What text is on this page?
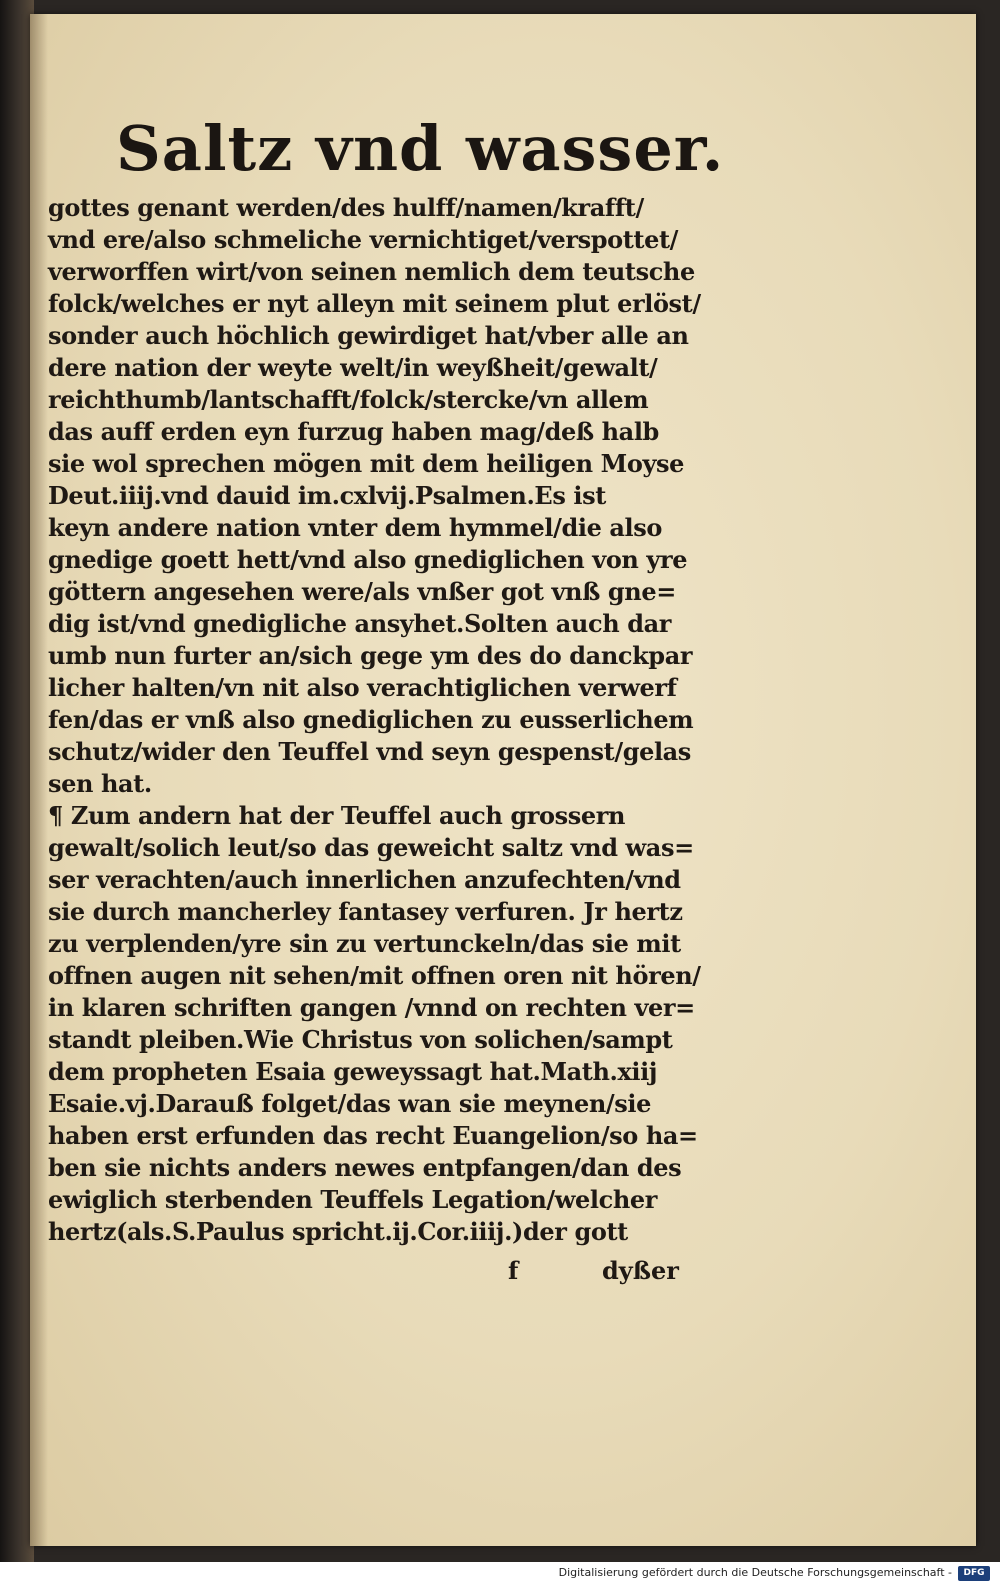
Saltz vnd wasser.
gottes genant werden/des hulff/namen/krafft/
vnd ere/also schmeliche vernichtiget/verspottet/
verworffen wirt/von seinen nemlich dem teutsche
folck/welches er nyt alleyn mit seinem plut erlöst/
sonder auch höchlich gewirdiget hat/vber alle an
dere nation der weyte welt/in weyßheit/gewalt/
reichthumb/lantschafft/folck/stercke/vn allem
das auff erden eyn furzug haben mag/deß halb
sie wol sprechen mögen mit dem heiligen Moyse
Deut.iiij.vnd dauid im.cxlvij.Psalmen.Es ist
keyn andere nation vnter dem hymmel/die also
gnedige goett hett/vnd also gnediglichen von yre
göttern angesehen were/als vnßer got vnß gne=
dig ist/vnd gnedigliche ansyhet.Solten auch dar
umb nun furter an/sich gege ym des do danckpar
licher halten/vn nit also verachtiglichen verwerf
fen/das er vnß also gnediglichen zu eusserlichem
schutz/wider den Teuffel vnd seyn gespenst/gelas
sen hat.
¶ Zum andern hat der Teuffel auch grossern
gewalt/solich leut/so das geweicht saltz vnd was=
ser verachten/auch innerlichen anzufechten/vnd
sie durch mancherley fantasey verfuren. Jr hertz
zu verplenden/yre sin zu vertunckeln/das sie mit
offnen augen nit sehen/mit offnen oren nit hören/
in klaren schriften gangen /vnnd on rechten ver=
standt pleiben.Wie Christus von solichen/sampt
dem propheten Esaia geweyssagt hat.Math.xiij
Esaie.vj.Darauß folget/das wan sie meynen/sie
haben erst erfunden das recht Euangelion/so ha=
ben sie nichts anders newes entpfangen/dan des
ewiglich sterbenden Teuffels Legation/welcher
hertz(als.S.Paulus spricht.ij.Cor.iiij.)der gott
f	dyßer
Digitalisierung gefördert durch die Deutsche Forschungsgemeinschaft -	DFG
